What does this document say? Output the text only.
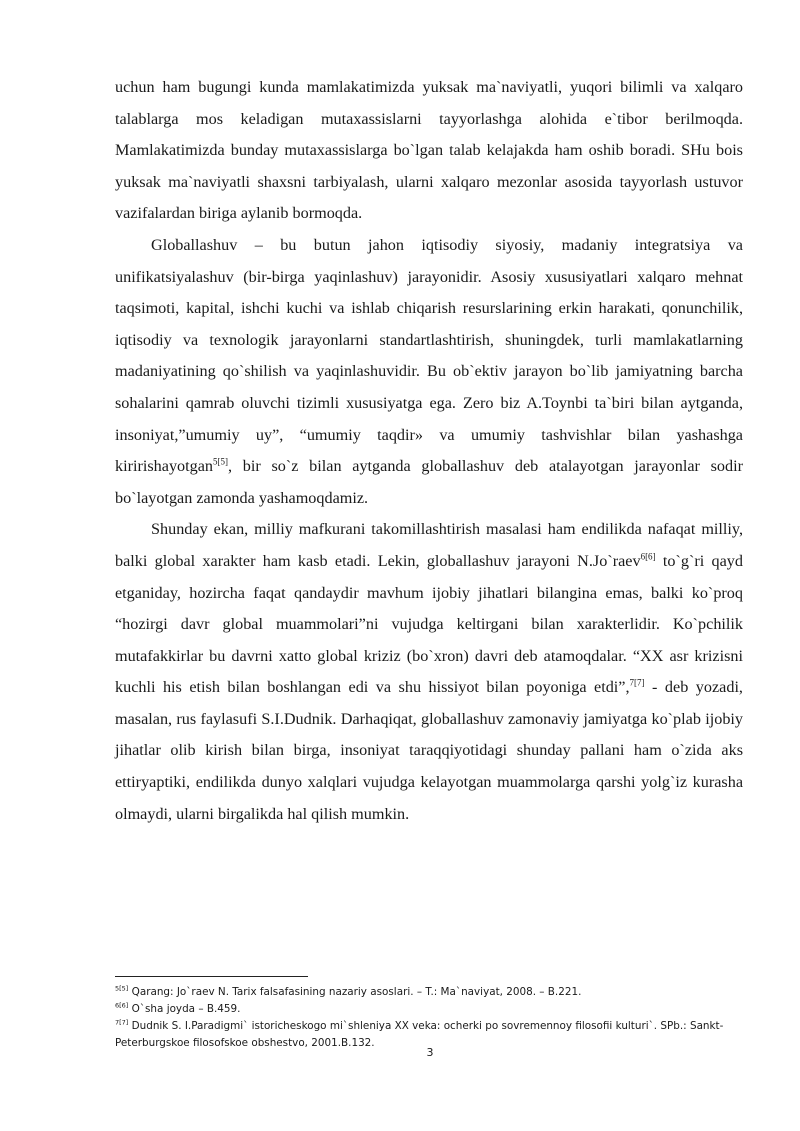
uchun ham bugungi kunda mamlakatimizda yuksak ma`naviyatli, yuqori bilimli va xalqaro talablarga mos keladigan mutaxassislarni tayyorlashga alohida e`tibor berilmoqda. Mamlakatimizda bunday mutaxassislarga bo`lgan talab kelajakda ham oshib boradi. SHu bois yuksak ma`naviyatli shaxsni tarbiyalash, ularni xalqaro mezonlar asosida tayyorlash ustuvor vazifalardan biriga aylanib bormoqda.

Globallashuv – bu butun jahon iqtisodiy siyosiy, madaniy integratsiya va unifikatsiyalashuv (bir-birga yaqinlashuv) jarayonidir. Asosiy xususiyatlari xalqaro mehnat taqsimoti, kapital, ishchi kuchi va ishlab chiqarish resurslarining erkin harakati, qonunchilik, iqtisodiy va texnologik jarayonlarni standartlashtirish, shuningdek, turli mamlakatlarning madaniyatining qo`shilish va yaqinlashuvidir. Bu ob`ektiv jarayon bo`lib jamiyatning barcha sohalarini qamrab oluvchi tizimli xususiyatga ega. Zero biz A.Toynbi ta`biri bilan aytganda, insoniyat,”umumiy uy”, “umumiy taqdir» va umumiy tashvishlar bilan yashashga kiririshayotgan$^{5[5]}$, bir so`z bilan aytganda globallashuv deb atalayotgan jarayonlar sodir bo`layotgan zamonda yashamoqdamiz.

Shunday ekan, milliy mafkurani takomillashtirish masalasi ham endilikda nafaqat milliy, balki global xarakter ham kasb etadi. Lekin, globallashuv jarayoni N.Jo`raev$^{6[6]}$ to`g`ri qayd etganiday, hozircha faqat qandaydir mavhum ijobiy jihatlari bilangina emas, balki ko`proq “hozirgi davr global muammolari”ni vujudga keltirgani bilan xarakterlidir. Ko`pchilik mutafakkirlar bu davrni xatto global kriziz (bo`xron) davri deb atamoqdalar. “XX asr krizisni kuchli his etish bilan boshlangan edi va shu hissiyot bilan poyoniga etdi”,$^{7[7]}$ - deb yozadi, masalan, rus faylasufi S.I.Dudnik. Darhaqiqat, globallashuv zamonaviy jamiyatga ko`plab ijobiy jihatlar olib kirish bilan birga, insoniyat taraqqiyotidagi shunday pallani ham o`zida aks ettiryaptiki, endilikda dunyo xalqlari vujudga kelayotgan muammolarga qarshi yolg`iz kurasha olmaydi, ularni birgalikda hal qilish mumkin.

$^{5[5]}$ Qarang: Jo`raev N. Tarix falsafasining nazariy asoslari. – T.: Ma`naviyat, 2008. – B.221.

$^{6[6]}$ O`sha joyda – B.459.

$^{7[7]}$ Dudnik S. I.Paradigmi` istoricheskogo mi`shleniya XX veka: ocherki po sovremennoy filosofii kulturi`. SPb.: Sankt-Peterburgskoe filosofskoe obshestvo, 2001.B.132.

3
